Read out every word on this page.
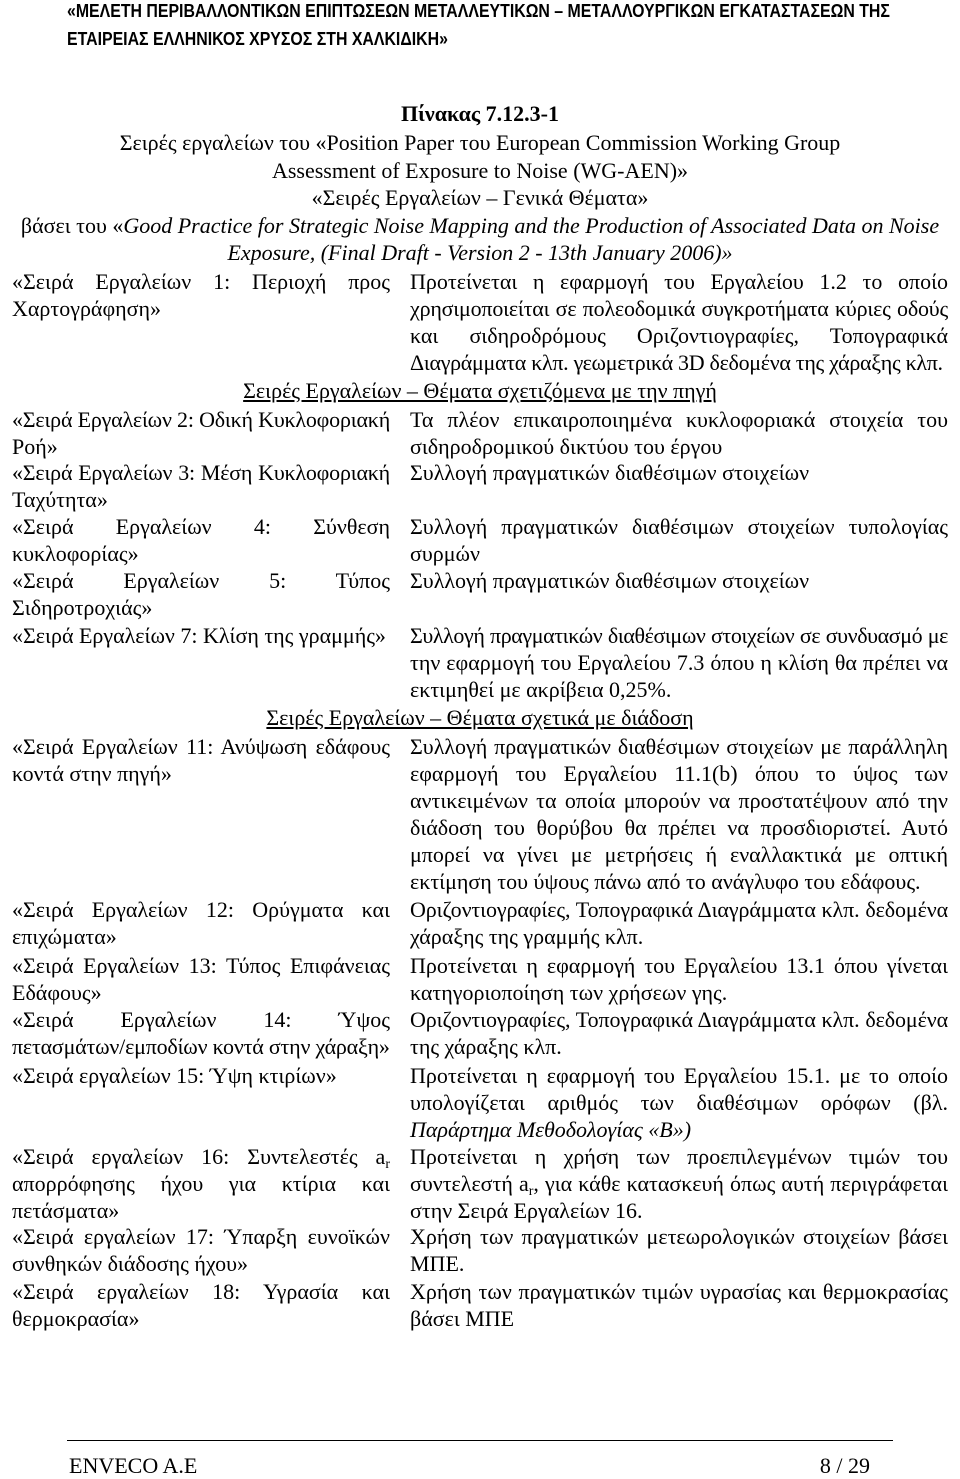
«ΜΕΛΕΤΗ ΠΕΡΙΒΑΛΛΟΝΤΙΚΩΝ ΕΠΙΠΤΩΣΕΩΝ ΜΕΤΑΛΛΕΥΤΙΚΩΝ – ΜΕΤΑΛΛΟΥΡΓΙΚΩΝ ΕΓΚΑΤΑΣΤΑΣΕΩΝ ΤΗΣ
ΕΤΑΙΡΕΙΑΣ ΕΛΛΗΝΙΚΟΣ ΧΡΥΣΟΣ ΣΤΗ ΧΑΛΚΙΔΙΚΗ»
Πίνακας 7.12.3-1
Σειρές εργαλείων του «Position Paper του European Commission Working Group
Assessment of Exposure to Noise (WG-AEN)»
«Σειρές Εργαλείων – Γενικά Θέματα»
βάσει του «Good Practice for Strategic Noise Mapping and the Production of Associated Data on Noise
Exposure, (Final Draft - Version 2 - 13th January 2006)»
«Σειρά Εργαλείων 1: Περιοχή προς
Χαρτογράφηση»
Προτείνεται η εφαρμογή του Εργαλείου 1.2 το οποίο
χρησιμοποιείται σε πολεοδομικά συγκροτήματα κύριες οδούς
και σιδηροδρόμους Οριζοντιογραφίες, Τοπογραφικά
Διαγράμματα κλπ. γεωμετρικά 3D δεδομένα της χάραξης κλπ.
Σειρές Εργαλείων – Θέματα σχετιζόμενα με την πηγή
«Σειρά Εργαλείων 2: Οδική Κυκλοφοριακή
Ροή»
Τα πλέον επικαιροποιημένα κυκλοφοριακά στοιχεία του
σιδηροδρομικού δικτύου του έργου
«Σειρά Εργαλείων 3: Μέση Κυκλοφοριακή
Ταχύτητα»
Συλλογή πραγματικών διαθέσιμων στοιχείων
«Σειρά Εργαλείων 4: Σύνθεση
κυκλοφορίας»
Συλλογή πραγματικών διαθέσιμων στοιχείων τυπολογίας
συρμών
«Σειρά Εργαλείων 5: Τύπος
Σιδηροτροχιάς»
Συλλογή πραγματικών διαθέσιμων στοιχείων
«Σειρά Εργαλείων 7: Κλίση της γραμμής» Συλλογή πραγματικών διαθέσιμων στοιχείων σε συνδυασμό με
την εφαρμογή του Εργαλείου 7.3 όπου η κλίση θα πρέπει να
εκτιμηθεί με ακρίβεια 0,25%.
Σειρές Εργαλείων – Θέματα σχετικά με διάδοση
«Σειρά Εργαλείων 11: Ανύψωση εδάφους
κοντά στην πηγή»
Συλλογή πραγματικών διαθέσιμων στοιχείων με παράλληλη
εφαρμογή του Εργαλείου 11.1(b) όπου το ύψος των
αντικειμένων τα οποία μπορούν να προστατέψουν από την
διάδοση του θορύβου θα πρέπει να προσδιοριστεί. Αυτό
μπορεί να γίνει με μετρήσεις ή εναλλακτικά με οπτική
εκτίμηση του ύψους πάνω από το ανάγλυφο του εδάφους.
«Σειρά Εργαλείων 12: Ορύγματα και
επιχώματα»
Οριζοντιογραφίες, Τοπογραφικά Διαγράμματα κλπ. δεδομένα
χάραξης της γραμμής κλπ.
«Σειρά Εργαλείων 13: Τύπος Επιφάνειας
Εδάφους»
Προτείνεται η εφαρμογή του Εργαλείου 13.1 όπου γίνεται
κατηγοριοποίηση των χρήσεων γης.
«Σειρά Εργαλείων 14: Ύψος
πετασμάτων/εμποδίων κοντά στην χάραξη»
Οριζοντιογραφίες, Τοπογραφικά Διαγράμματα κλπ. δεδομένα
της χάραξης κλπ.
«Σειρά εργαλείων 15: Ύψη κτιρίων»	Προτείνεται η εφαρμογή του Εργαλείου 15.1. με το οποίο
υπολογίζεται αριθμός των διαθέσιμων ορόφων (βλ.
Παράρτημα Μεθοδολογίας «Β»)
«Σειρά εργαλείων 16: Συντελεστές $a_r$
απορρόφησης ήχου για κτίρια και
πετάσματα»
Προτείνεται η χρήση των προεπιλεγμένων τιμών του
συντελεστή $a_r$, για κάθε κατασκευή όπως αυτή περιγράφεται
στην Σειρά Εργαλείων 16.
«Σειρά εργαλείων 17: Ύπαρξη ευνοϊκών
συνθηκών διάδοσης ήχου»
Χρήση των πραγματικών μετεωρολογικών στοιχείων βάσει
ΜΠΕ.
«Σειρά εργαλείων 18: Υγρασία και
θερμοκρασία»
Χρήση των πραγματικών τιμών υγρασίας και θερμοκρασίας
βάσει ΜΠΕ
ENVECO A.E	8 / 29
